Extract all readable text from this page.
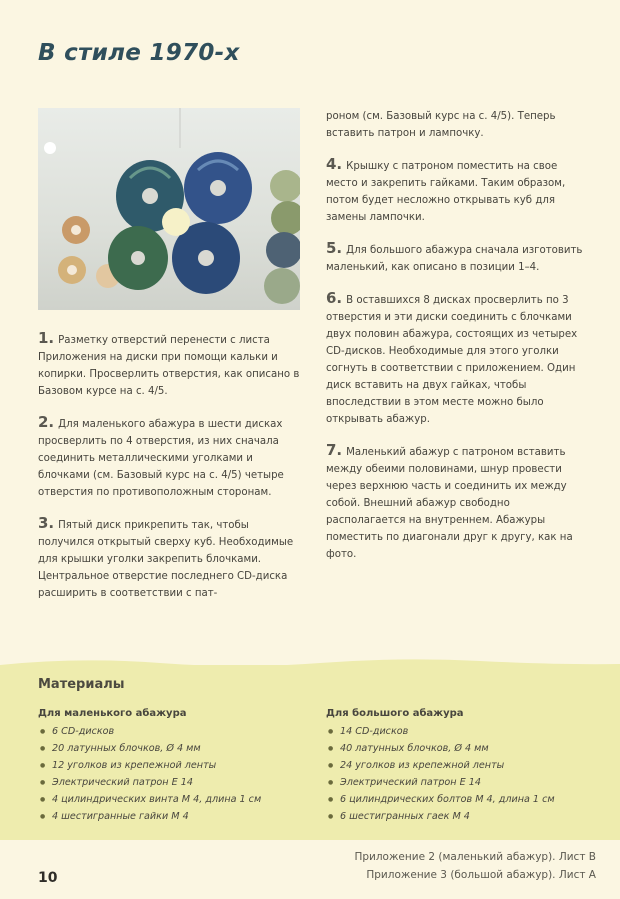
В стиле 1970-х

1. Разметку отверстий перенести с листа Приложения на диски при помощи кальки и копирки. Просверлить отверстия, как описано в Базовом курсе на с. 4/5.

2. Для маленького абажура в шести дисках просверлить по 4 отверстия, из них сначала соединить металлическими уголками и блочками (см. Базовый курс на с. 4/5) четыре отверстия по противоположным сторонам.

3. Пятый диск прикрепить так, чтобы получился открытый сверху куб. Необходимые для крышки уголки закрепить блочками. Центральное отверстие последнего CD-диска расширить в соответствии с пат-

роном (см. Базовый курс на с. 4/5). Теперь вставить патрон и лампочку.

4. Крышку с патроном поместить на свое место и закрепить гайками. Таким образом, потом будет несложно открывать куб для замены лампочки.

5. Для большого абажура сначала изготовить маленький, как описано в позиции 1–4.

6. В оставшихся 8 дисках просверлить по 3 отверстия и эти диски соединить с блочками двух половин абажура, состоящих из четырех CD-дисков. Необходимые для этого уголки согнуть в соответствии с приложением. Один диск вставить на двух гайках, чтобы впоследствии в этом месте можно было открывать абажур.

7. Маленький абажур с патроном вставить между обеими половинами, шнур провести через верхнюю часть и соединить их между собой. Внешний абажур свободно располагается на внутреннем. Абажуры поместить по диагонали друг к другу, как на фото.

Материалы
Для маленького абажура
● 6 CD-дисков
● 20 латунных блочков, Ø 4 мм
● 12 уголков из крепежной ленты
● Электрический патрон Е 14
● 4 цилиндрических винта М 4, длина 1 см
● 4 шестигранные гайки М 4
Для большого абажура
● 14 CD-дисков
● 40 латунных блочков, Ø 4 мм
● 24 уголков из крепежной ленты
● Электрический патрон Е 14
● 6 цилиндрических болтов М 4, длина 1 см
● 6 шестигранных гаек М 4
Приложение 2 (маленький абажур). Лист В
Приложение 3 (большой абажур). Лист А
10
